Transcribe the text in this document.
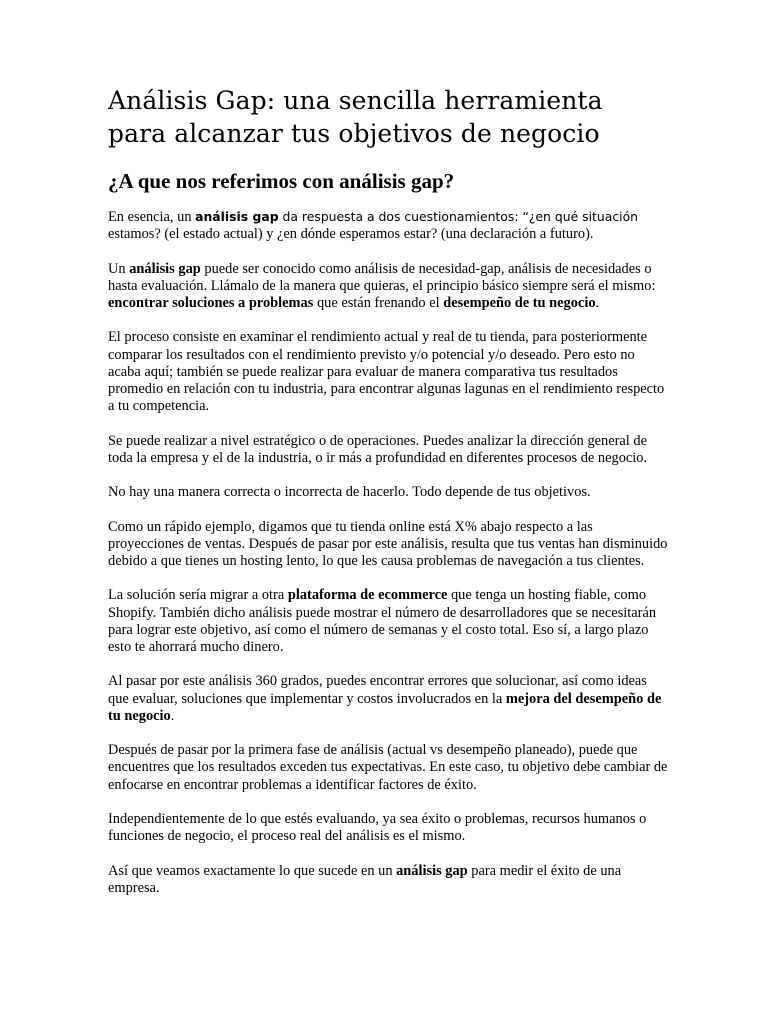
Análisis Gap: una sencilla herramienta para alcanzar tus objetivos de negocio
¿A que nos referimos con análisis gap?

En esencia, un análisis gap da respuesta a dos cuestionamientos: “¿en qué situación
estamos? (el estado actual) y ¿en dónde esperamos estar? (una declaración a futuro).

Un análisis gap puede ser conocido como análisis de necesidad-gap, análisis de necesidades o hasta evaluación. Llámalo de la manera que quieras, el principio básico siempre será el mismo: encontrar soluciones a problemas que están frenando el desempeño de tu negocio.

El proceso consiste en examinar el rendimiento actual y real de tu tienda, para posteriormente comparar los resultados con el rendimiento previsto y/o potencial y/o deseado. Pero esto no acaba aquí; también se puede realizar para evaluar de manera comparativa tus resultados promedio en relación con tu industria, para encontrar algunas lagunas en el rendimiento respecto a tu competencia.

Se puede realizar a nivel estratégico o de operaciones. Puedes analizar la dirección general de toda la empresa y el de la industria, o ir más a profundidad en diferentes procesos de negocio.

No hay una manera correcta o incorrecta de hacerlo. Todo depende de tus objetivos.

Como un rápido ejemplo, digamos que tu tienda online está X% abajo respecto a las proyecciones de ventas. Después de pasar por este análisis, resulta que tus ventas han disminuido debido a que tienes un hosting lento, lo que les causa problemas de navegación a tus clientes.

La solución sería migrar a otra plataforma de ecommerce que tenga un hosting fiable, como Shopify. También dicho análisis puede mostrar el número de desarrolladores que se necesitarán para lograr este objetivo, así como el número de semanas y el costo total. Eso sí, a largo plazo esto te ahorrará mucho dinero.

Al pasar por este análisis 360 grados, puedes encontrar errores que solucionar, así como ideas que evaluar, soluciones que implementar y costos involucrados en la mejora del desempeño de tu negocio.

Después de pasar por la primera fase de análisis (actual vs desempeño planeado), puede que encuentres que los resultados exceden tus expectativas. En este caso, tu objetivo debe cambiar de enfocarse en encontrar problemas a identificar factores de éxito.

Independientemente de lo que estés evaluando, ya sea éxito o problemas, recursos humanos o funciones de negocio, el proceso real del análisis es el mismo.

Así que veamos exactamente lo que sucede en un análisis gap para medir el éxito de una empresa.
